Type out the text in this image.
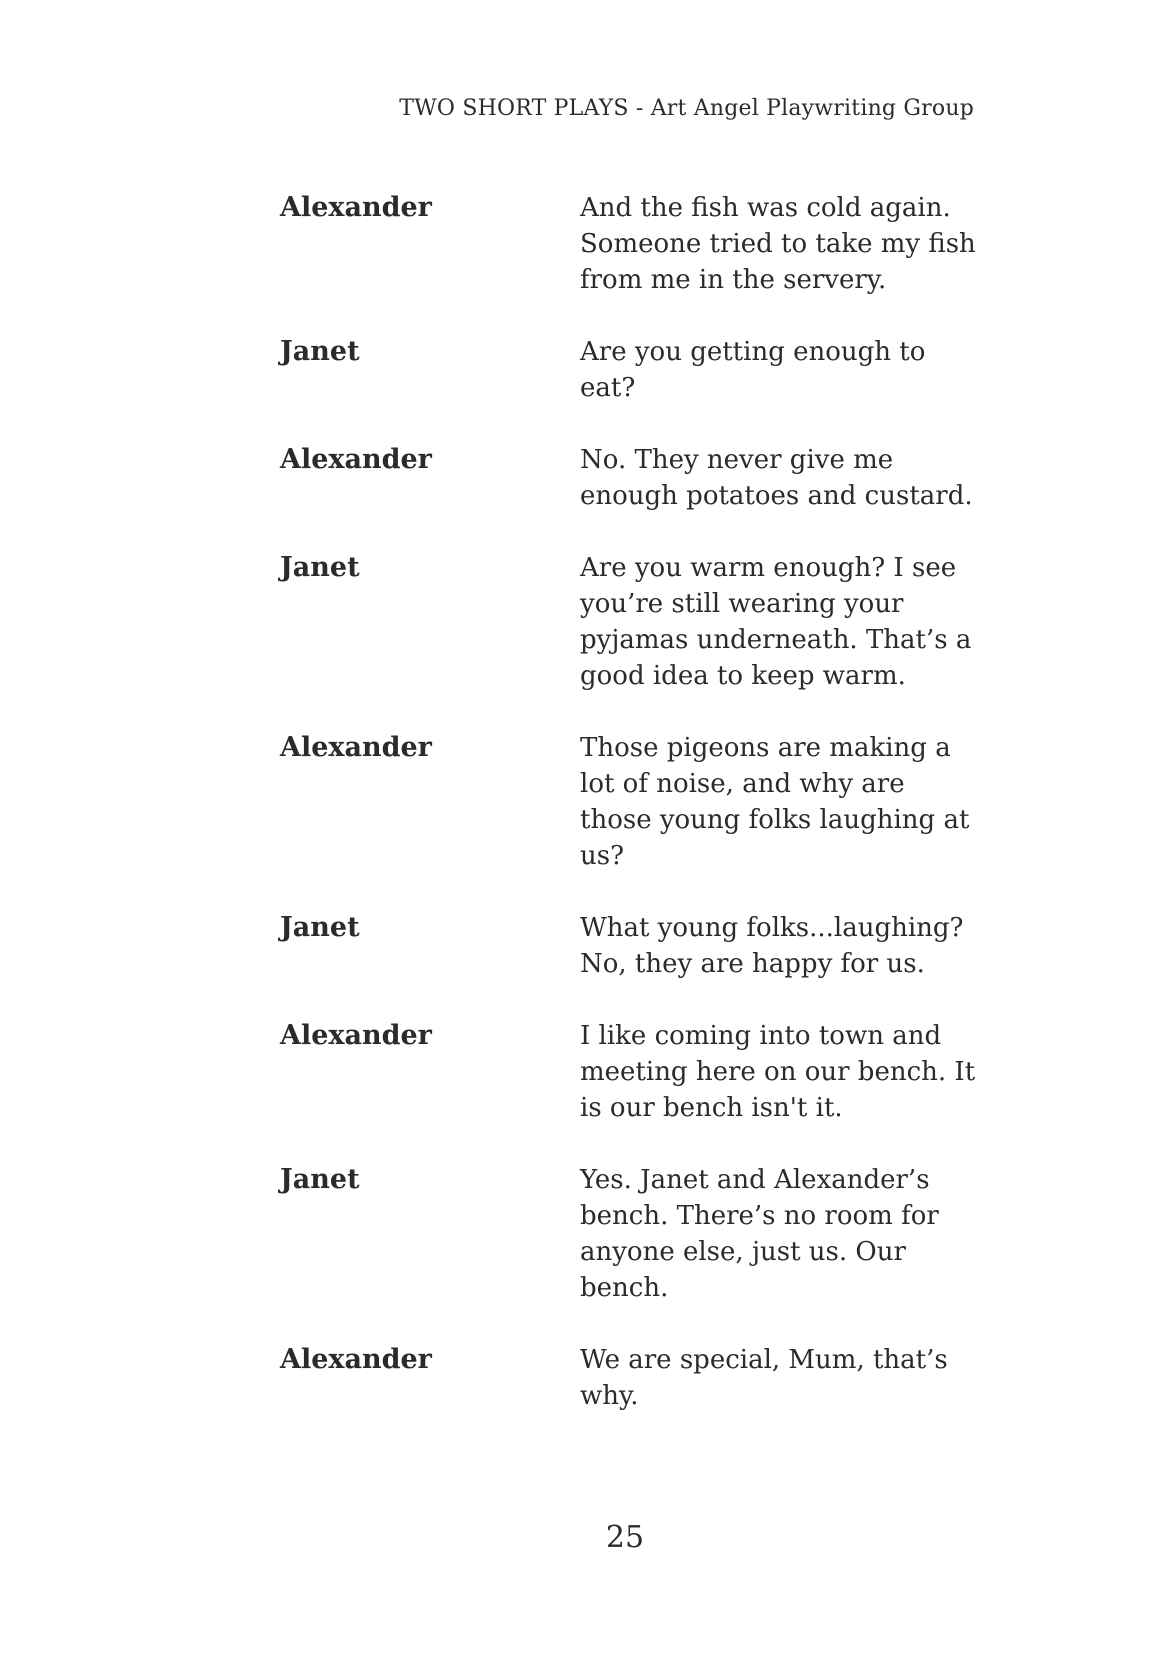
TWO SHORT PLAYS - Art Angel Playwriting Group
Alexander	And the fish was cold again. Someone tried to take my fish from me in the servery.
Janet	Are you getting enough to eat?
Alexander	No. They never give me enough potatoes and custard.
Janet	Are you warm enough? I see you’re still wearing your pyjamas underneath. That’s a good idea to keep warm.
Alexander	Those pigeons are making a lot of noise, and why are those young folks laughing at us?
Janet	What young folks...laughing? No, they are happy for us.
Alexander	I like coming into town and meeting here on our bench. It is our bench isn't it.
Janet	Yes. Janet and Alexander’s bench. There’s no room for anyone else, just us. Our bench.
Alexander	We are special, Mum, that’s why.
25
